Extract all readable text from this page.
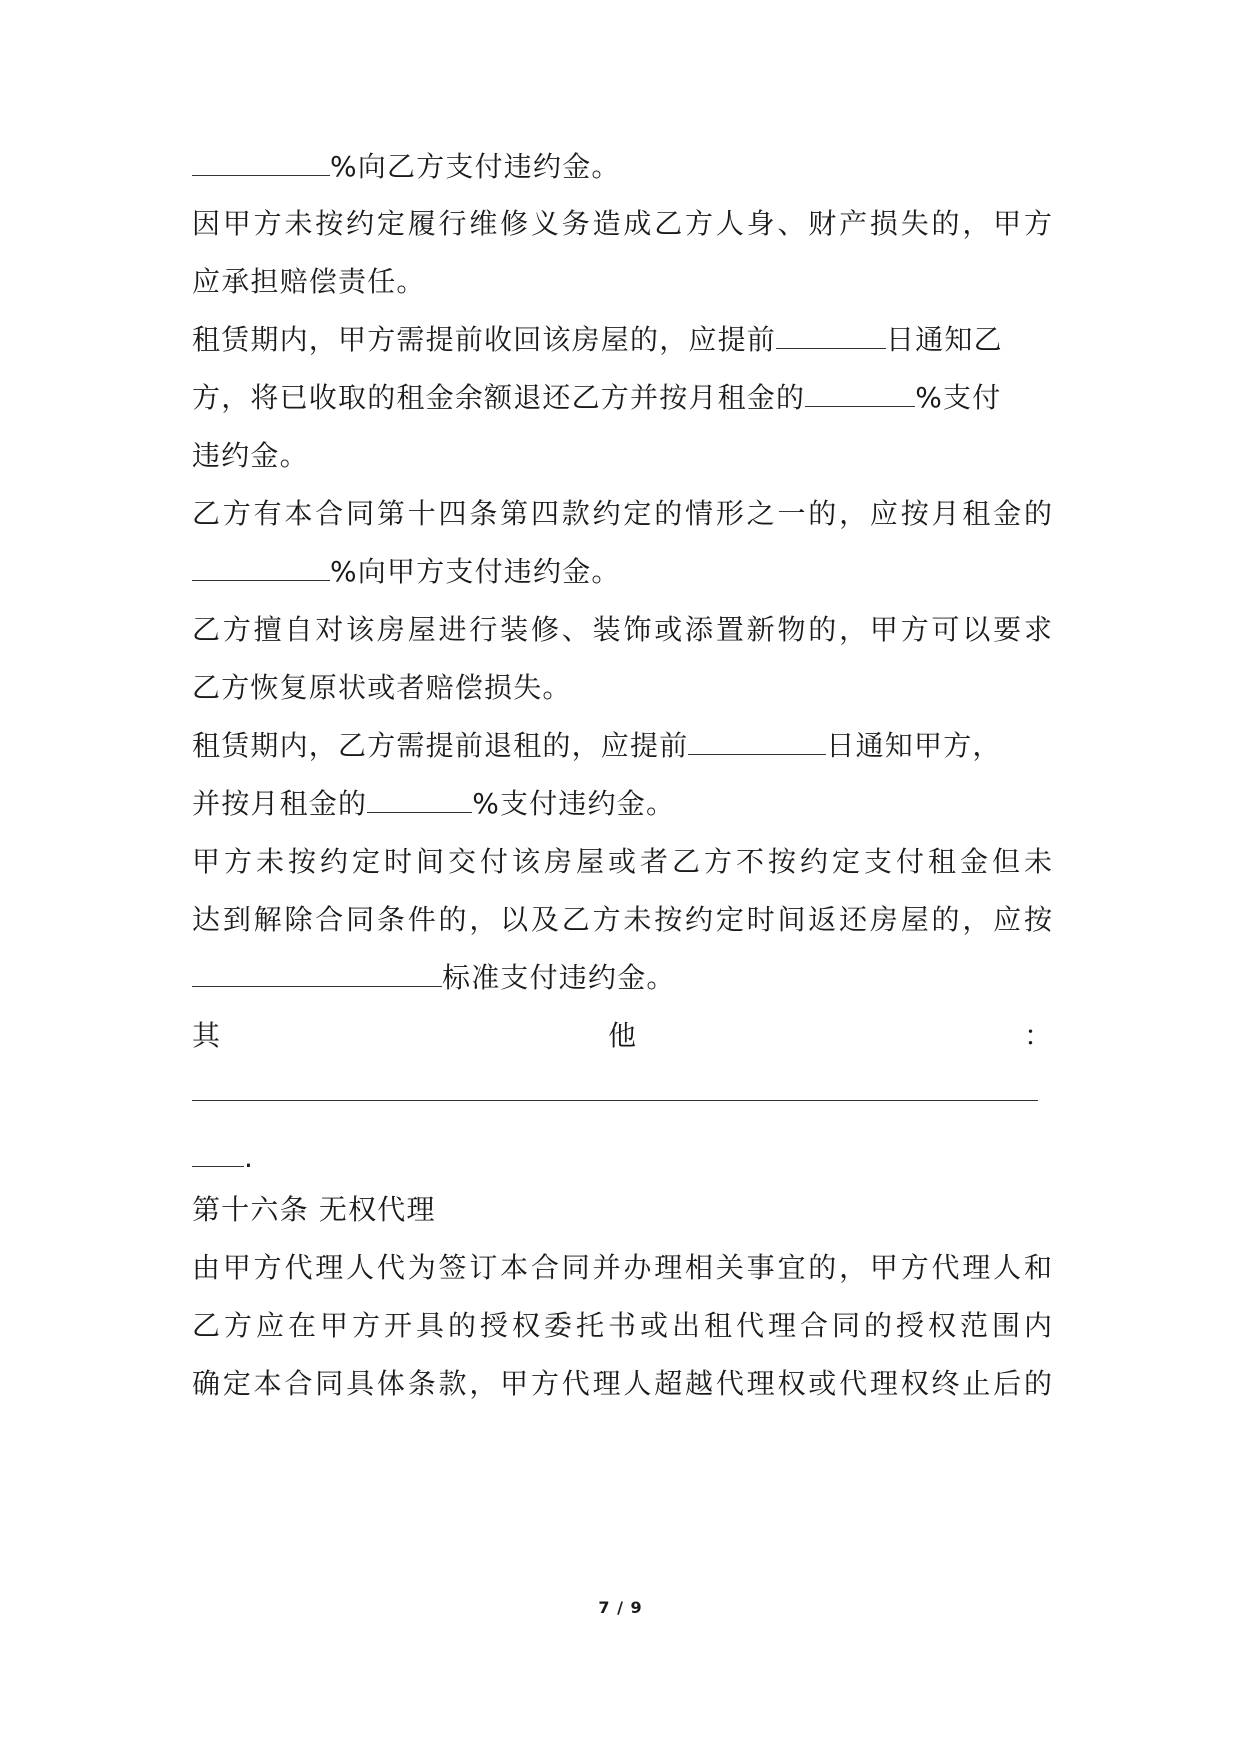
%向乙方支付违约金。
因甲方未按约定履行维修义务造成乙方人身、财产损失的，甲方
应承担赔偿责任。
租赁期内，甲方需提前收回该房屋的，应提前	日通知乙
方，将已收取的租金余额退还乙方并按月租金的	%支付
违约金。
乙方有本合同第十四条第四款约定的情形之一的，应按月租金的
%向甲方支付违约金。
乙方擅自对该房屋进行装修、装饰或添置新物的，甲方可以要求
乙方恢复原状或者赔偿损失。
租赁期内，乙方需提前退租的，应提前	日通知甲方，
并按月租金的	%支付违约金。
甲方未按约定时间交付该房屋或者乙方不按约定支付租金但未
达到解除合同条件的，以及乙方未按约定时间返还房屋的，应按
标准支付违约金。
其	他	：
.
第十六条 无权代理
由甲方代理人代为签订本合同并办理相关事宜的，甲方代理人和
乙方应在甲方开具的授权委托书或出租代理合同的授权范围内
确定本合同具体条款，甲方代理人超越代理权或代理权终止后的
7 / 9
